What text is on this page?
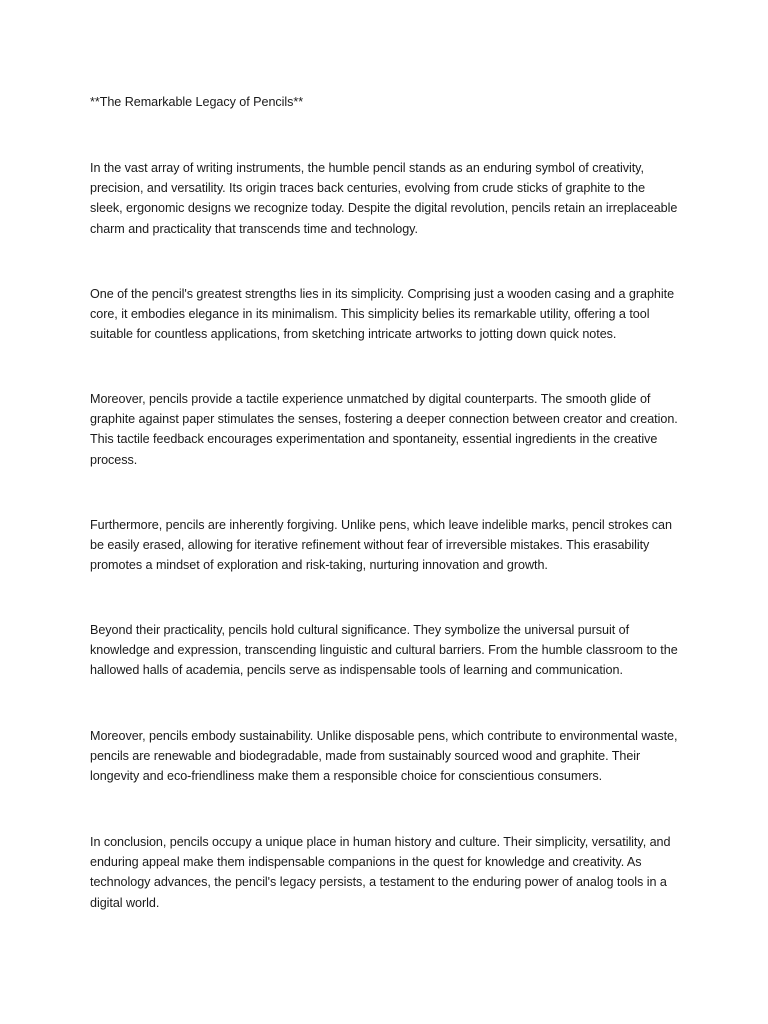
**The Remarkable Legacy of Pencils**

In the vast array of writing instruments, the humble pencil stands as an enduring symbol of creativity, precision, and versatility. Its origin traces back centuries, evolving from crude sticks of graphite to the sleek, ergonomic designs we recognize today. Despite the digital revolution, pencils retain an irreplaceable charm and practicality that transcends time and technology.

One of the pencil's greatest strengths lies in its simplicity. Comprising just a wooden casing and a graphite core, it embodies elegance in its minimalism. This simplicity belies its remarkable utility, offering a tool suitable for countless applications, from sketching intricate artworks to jotting down quick notes.

Moreover, pencils provide a tactile experience unmatched by digital counterparts. The smooth glide of graphite against paper stimulates the senses, fostering a deeper connection between creator and creation. This tactile feedback encourages experimentation and spontaneity, essential ingredients in the creative process.

Furthermore, pencils are inherently forgiving. Unlike pens, which leave indelible marks, pencil strokes can be easily erased, allowing for iterative refinement without fear of irreversible mistakes. This erasability promotes a mindset of exploration and risk-taking, nurturing innovation and growth.

Beyond their practicality, pencils hold cultural significance. They symbolize the universal pursuit of knowledge and expression, transcending linguistic and cultural barriers. From the humble classroom to the hallowed halls of academia, pencils serve as indispensable tools of learning and communication.

Moreover, pencils embody sustainability. Unlike disposable pens, which contribute to environmental waste, pencils are renewable and biodegradable, made from sustainably sourced wood and graphite. Their longevity and eco-friendliness make them a responsible choice for conscientious consumers.

In conclusion, pencils occupy a unique place in human history and culture. Their simplicity, versatility, and enduring appeal make them indispensable companions in the quest for knowledge and creativity. As technology advances, the pencil's legacy persists, a testament to the enduring power of analog tools in a digital world.
